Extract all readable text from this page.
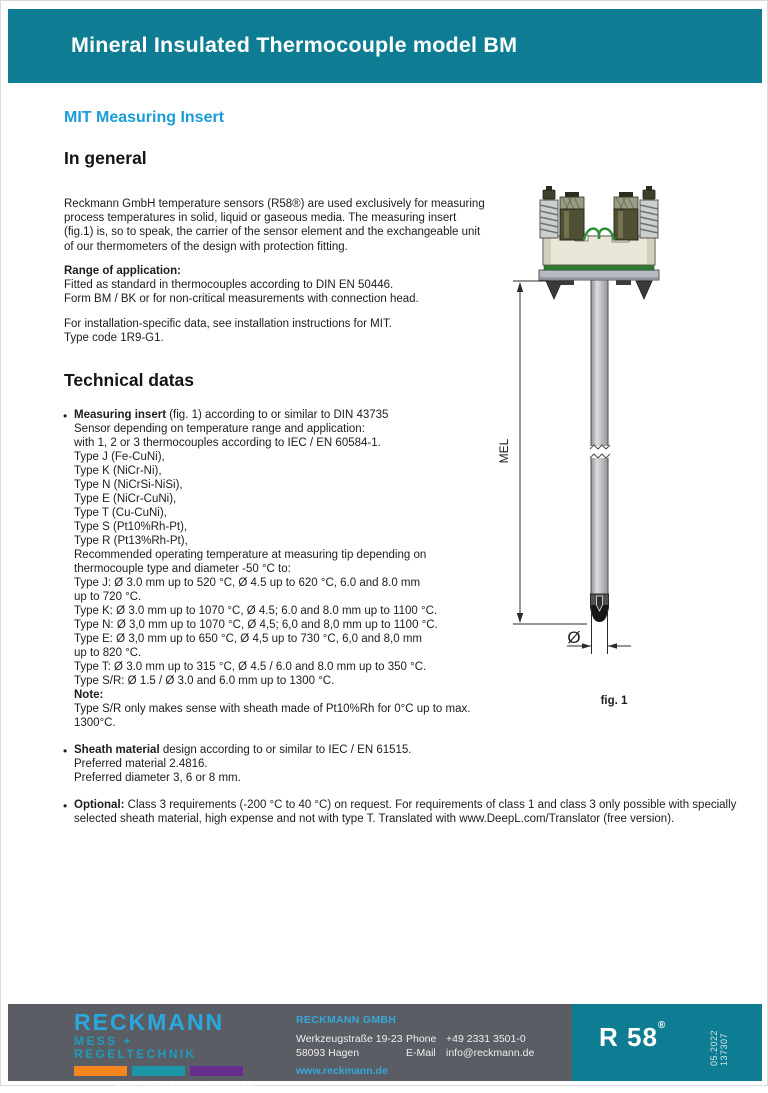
Mineral Insulated Thermocouple model BM
MIT Measuring Insert
In general
Reckmann GmbH temperature sensors (R58®) are used exclusively for measuring
process temperatures in solid, liquid or gaseous media. The measuring insert
(fig.1) is, so to speak, the carrier of the sensor element and the exchangeable unit
of our thermometers of the design with protection fitting.
Range of application:
Fitted as standard in thermocouples according to DIN EN 50446.
Form BM / BK or for non-critical measurements with connection head.
For installation-specific data, see installation instructions for MIT.
Type code 1R9-G1.
Technical datas
• Measuring insert (fig. 1) according to or similar to DIN 43735
Sensor depending on temperature range and application:
with 1, 2 or 3 thermocouples according to IEC / EN 60584-1.
Type J (Fe-CuNi),
Type K (NiCr-Ni),
Type N (NiCrSi-NiSi),
Type E (NiCr-CuNi),
Type T (Cu-CuNi),
Type S (Pt10%Rh-Pt),
Type R (Pt13%Rh-Pt),
Recommended operating temperature at measuring tip depending on
thermocouple type and diameter -50 °C to:
Type J: Ø 3.0 mm up to 520 °C, Ø 4.5 up to 620 °C, 6.0 and 8.0 mm
up to 720 °C.
Type K: Ø 3.0 mm up to 1070 °C, Ø 4.5; 6.0 and 8.0 mm up to 1100 °C.
Type N: Ø 3,0 mm up to 1070 °C, Ø 4,5; 6,0 and 8,0 mm up to 1100 °C.
Type E: Ø 3,0 mm up to 650 °C, Ø 4,5 up to 730 °C, 6,0 and 8,0 mm
up to 820 °C.
Type T: Ø 3.0 mm up to 315 °C, Ø 4.5 / 6.0 and 8.0 mm up to 350 °C.
Type S/R: Ø 1.5 / Ø 3.0 and 6.0 mm up to 1300 °C.
Note:
Type S/R only makes sense with sheath made of Pt10%Rh for 0°C up to max.
1300°C.
• Sheath material design according to or similar to IEC / EN 61515.
Preferred material 2.4816.
Preferred diameter 3, 6 or 8 mm.
• Optional: Class 3 requirements (-200 °C to 40 °C) on request. For requirements of class 1 and class 3 only possible with specially
selected sheath material, high expense and not with type T. Translated with www.DeepL.com/Translator (free version).
MEL
Ø
fig. 1
RECKMANN
MESS + REGELTECHNIK
Your partner for temperature
RECKMANN GMBH
Werkzeugstraße 19-23 Phone +49 2331 3501-0
58093 Hagen	E-Mail info@reckmann.de
www.reckmann.de
R 58®
05.2022 137307
